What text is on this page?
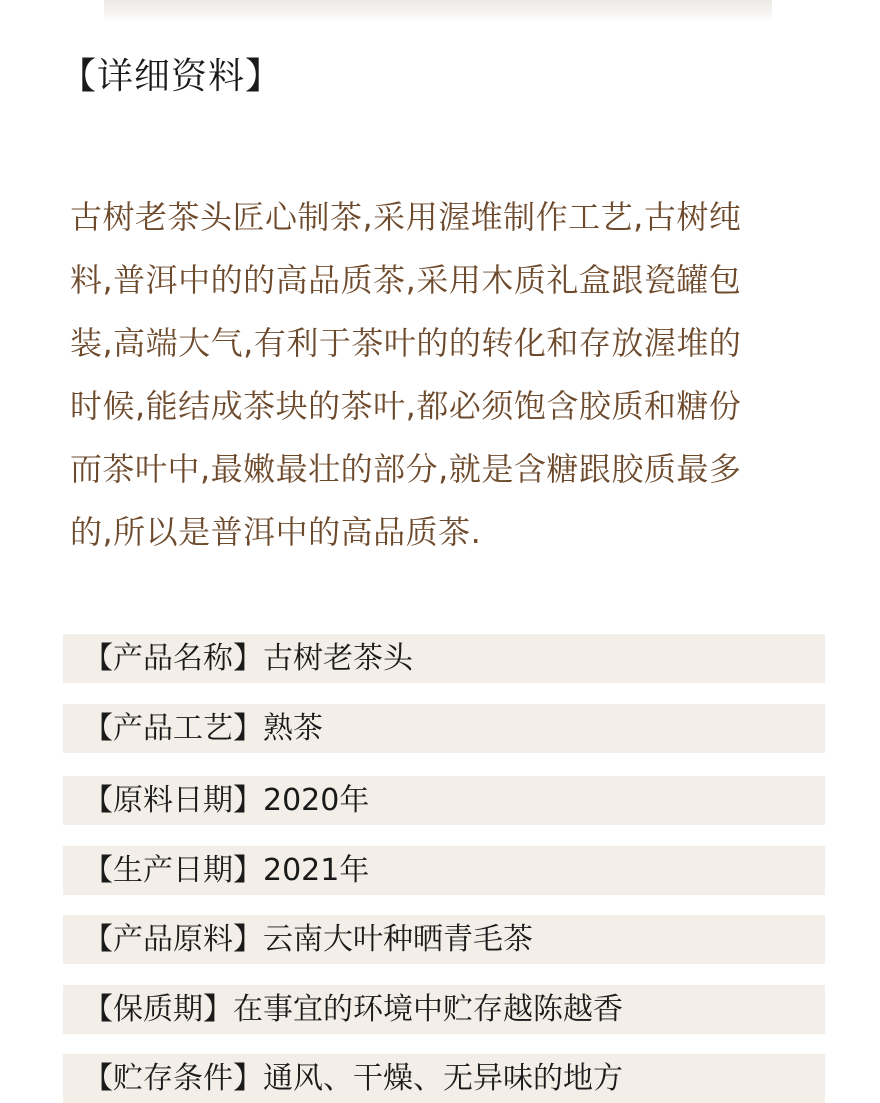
【详细资料】

古树老茶头匠心制茶,采用渥堆制作工艺,古树纯
料,普洱中的的高品质茶,采用木质礼盒跟瓷罐包
装,高端大气,有利于茶叶的的转化和存放渥堆的
时候,能结成茶块的茶叶,都必须饱含胶质和糖份
而茶叶中,最嫩最壮的部分,就是含糖跟胶质最多
的,所以是普洱中的高品质茶.

【产品名称】古树老茶头
【产品工艺】熟茶
【原料日期】2020年
【生产日期】2021年
【产品原料】云南大叶种晒青毛茶
【保质期】在事宜的环境中贮存越陈越香
【贮存条件】通风、干燥、无异味的地方
